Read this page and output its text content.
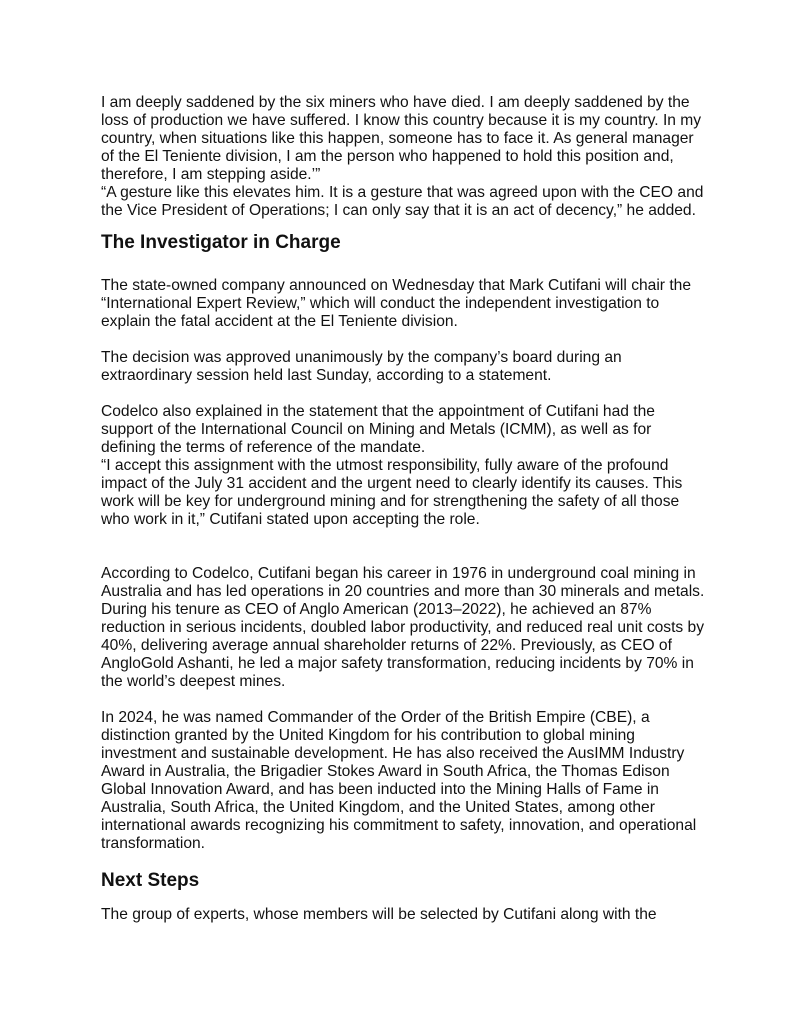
I am deeply saddened by the six miners who have died. I am deeply saddened by the
loss of production we have suffered. I know this country because it is my country. In my
country, when situations like this happen, someone has to face it. As general manager
of the El Teniente division, I am the person who happened to hold this position and,
therefore, I am stepping aside.’”
“A gesture like this elevates him. It is a gesture that was agreed upon with the CEO and
the Vice President of Operations; I can only say that it is an act of decency,” he added.
The Investigator in Charge
The state-owned company announced on Wednesday that Mark Cutifani will chair the
“International Expert Review,” which will conduct the independent investigation to
explain the fatal accident at the El Teniente division.
The decision was approved unanimously by the company’s board during an
extraordinary session held last Sunday, according to a statement.
Codelco also explained in the statement that the appointment of Cutifani had the
support of the International Council on Mining and Metals (ICMM), as well as for
defining the terms of reference of the mandate.
“I accept this assignment with the utmost responsibility, fully aware of the profound
impact of the July 31 accident and the urgent need to clearly identify its causes. This
work will be key for underground mining and for strengthening the safety of all those
who work in it,” Cutifani stated upon accepting the role.
According to Codelco, Cutifani began his career in 1976 in underground coal mining in
Australia and has led operations in 20 countries and more than 30 minerals and metals.
During his tenure as CEO of Anglo American (2013–2022), he achieved an 87%
reduction in serious incidents, doubled labor productivity, and reduced real unit costs by
40%, delivering average annual shareholder returns of 22%. Previously, as CEO of
AngloGold Ashanti, he led a major safety transformation, reducing incidents by 70% in
the world’s deepest mines.
In 2024, he was named Commander of the Order of the British Empire (CBE), a
distinction granted by the United Kingdom for his contribution to global mining
investment and sustainable development. He has also received the AusIMM Industry
Award in Australia, the Brigadier Stokes Award in South Africa, the Thomas Edison
Global Innovation Award, and has been inducted into the Mining Halls of Fame in
Australia, South Africa, the United Kingdom, and the United States, among other
international awards recognizing his commitment to safety, innovation, and operational
transformation.
Next Steps
The group of experts, whose members will be selected by Cutifani along with the
